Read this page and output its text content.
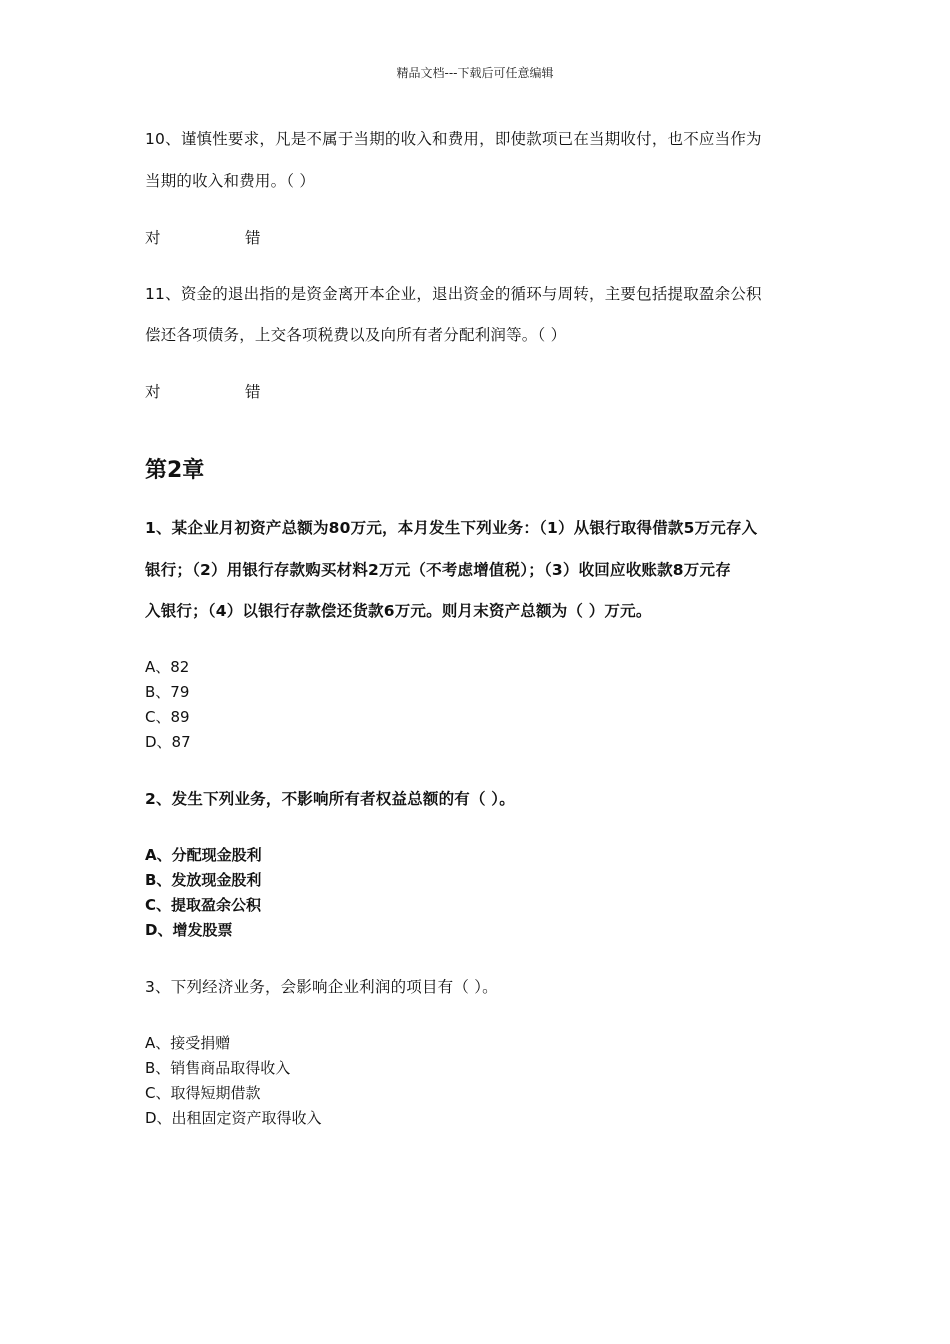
精品文档---下载后可任意编辑
10、谨慎性要求，凡是不属于当期的收入和费用，即使款项已在当期收付，也不应当作为
当期的收入和费用。（ ）
对	错
11、资金的退出指的是资金离开本企业，退出资金的循环与周转，主要包括提取盈余公积
偿还各项债务，上交各项税费以及向所有者分配利润等。（ ）
对	错
第2章
1、某企业月初资产总额为80万元，本月发生下列业务：（1）从银行取得借款5万元存入
银行；（2）用银行存款购买材料2万元（不考虑增值税）；（3）收回应收账款8万元存
入银行；（4）以银行存款偿还货款6万元。则月末资产总额为（ ）万元。
A、82
B、79
C、89
D、87
2、发生下列业务，不影响所有者权益总额的有（ ）。
A、分配现金股利
B、发放现金股利
C、提取盈余公积
D、增发股票
3、下列经济业务，会影响企业利润的项目有（ ）。
A、接受捐赠
B、销售商品取得收入
C、取得短期借款
D、出租固定资产取得收入
